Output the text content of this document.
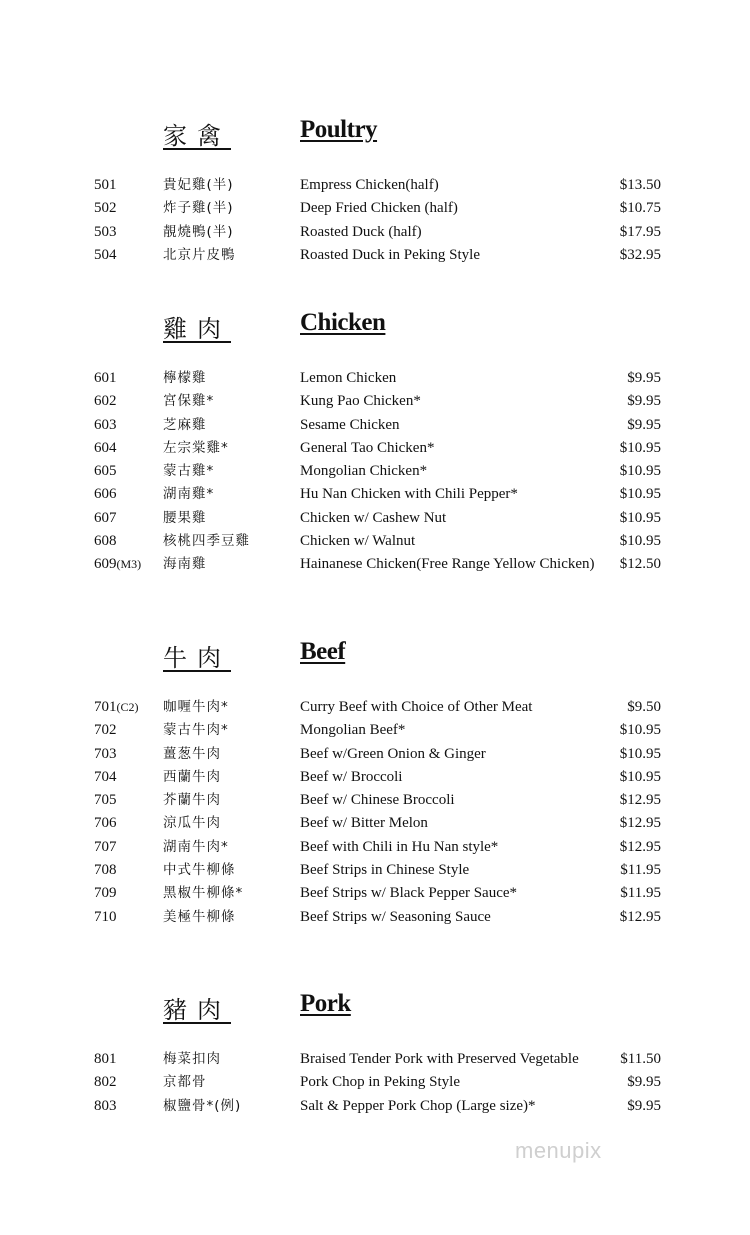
家禽	Poultry
501	貴妃雞(半)	Empress Chicken(half)	$13.50
502	炸子雞(半)	Deep Fried Chicken (half)	$10.75
503	靚燒鴨(半)	Roasted Duck (half)	$17.95
504	北京片皮鴨	Roasted Duck in Peking Style	$32.95
雞肉	Chicken
601	檸檬雞	Lemon Chicken	$9.95
602	宮保雞*	Kung Pao Chicken*	$9.95
603	芝麻雞	Sesame Chicken	$9.95
604	左宗棠雞*	General Tao Chicken*	$10.95
605	蒙古雞*	Mongolian Chicken*	$10.95
606	湖南雞*	Hu Nan Chicken with Chili Pepper*	$10.95
607	腰果雞	Chicken w/ Cashew Nut	$10.95
608	核桃四季豆雞	Chicken w/ Walnut	$10.95
609(M3) 海南雞	Hainanese Chicken(Free Range Yellow Chicken) $12.50
牛肉	Beef
701(C2) 咖喱牛肉*	Curry Beef with Choice of Other Meat	$9.50
702	蒙古牛肉*	Mongolian Beef*	$10.95
703	薑葱牛肉	Beef w/Green Onion & Ginger	$10.95
704	西蘭牛肉	Beef w/ Broccoli	$10.95
705	芥蘭牛肉	Beef w/ Chinese Broccoli	$12.95
706	涼瓜牛肉	Beef w/ Bitter Melon	$12.95
707	湖南牛肉*	Beef with Chili in Hu Nan style*	$12.95
708	中式牛柳條	Beef Strips in Chinese Style	$11.95
709	黑椒牛柳條*	Beef Strips w/ Black Pepper Sauce*	$11.95
710	美極牛柳條	Beef Strips w/ Seasoning Sauce	$12.95
豬肉	Pork
801	梅菜扣肉	Braised Tender Pork with Preserved Vegetable	$11.50
802	京都骨	Pork Chop in Peking Style	$9.95
803	椒鹽骨*(例)	Salt & Pepper Pork Chop (Large size)*	$9.95
menupix
